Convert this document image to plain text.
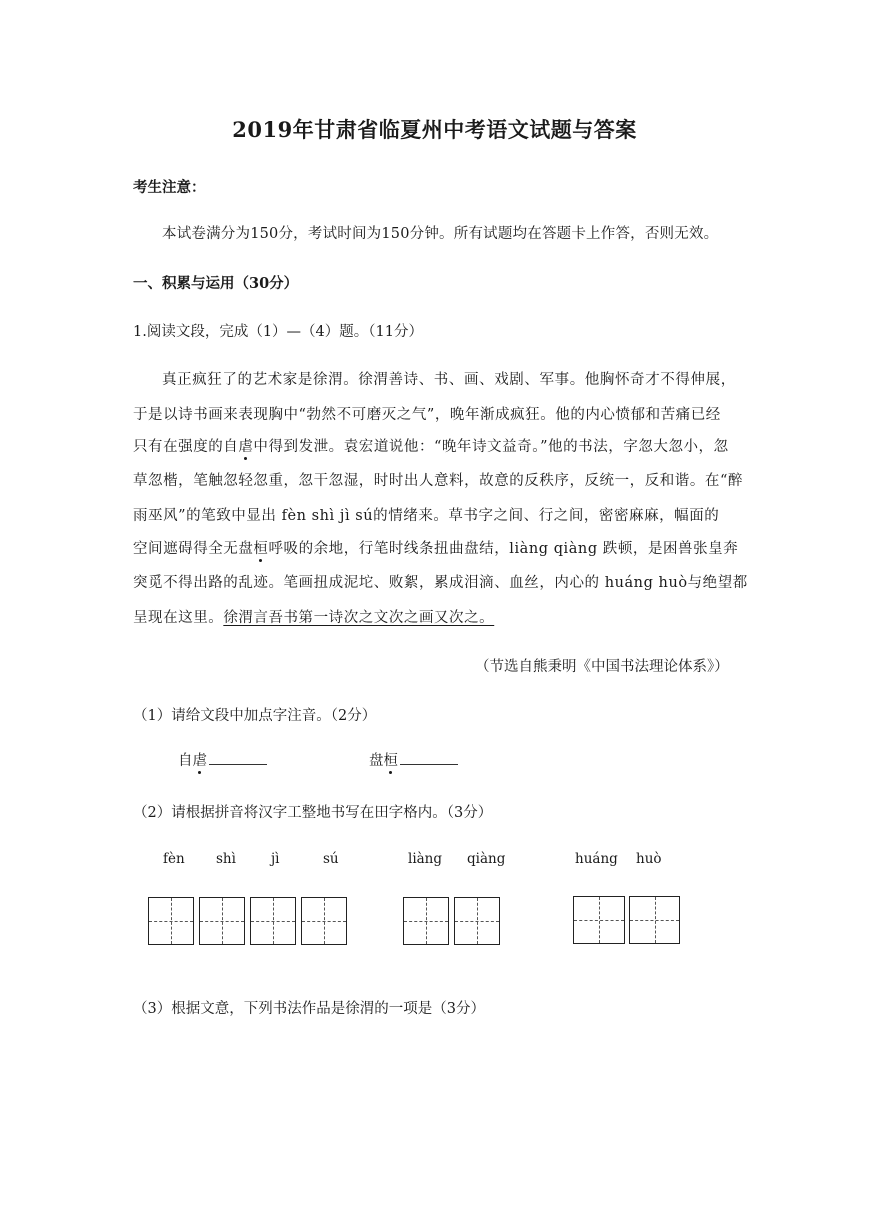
2019年甘肃省临夏州中考语文试题与答案
考生注意：
本试卷满分为150分，考试时间为150分钟。所有试题均在答题卡上作答，否则无效。
一、积累与运用（30分）
1.阅读文段，完成（1）—（4）题。（11分）
真正疯狂了的艺术家是徐渭。徐渭善诗、书、画、戏剧、军事。他胸怀奇才不得伸展，
于是以诗书画来表现胸中“勃然不可磨灭之气”，晚年渐成疯狂。他的内心愤郁和苦痛已经
只有在强度的自虐中得到发泄。袁宏道说他：“晚年诗文益奇。”他的书法，字忽大忽小，忽
草忽楷，笔触忽轻忽重，忽干忽湿，时时出人意料，故意的反秩序，反统一，反和谐。在“醉
雨巫风”的笔致中显出 fèn shì jì sú的情绪来。草书字之间、行之间，密密麻麻，幅面的
空间遮碍得全无盘桓呼吸的余地，行笔时线条扭曲盘结，liàng qiàng 跌顿，是困兽张皇奔
突觅不得出路的乱迹。笔画扭成泥坨、败絮，累成泪滴、血丝，内心的 huáng huò与绝望都
呈现在这里。徐渭言吾书第一诗次之文次之画又次之。
（节选自熊秉明《中国书法理论体系》）
（1）请给文段中加点字注音。（2分）
自虐	盘桓
（2）请根据拼音将汉字工整地书写在田字格内。（3分）
fèn shì	jì	sú	liàng qiàng	huáng huò
（3）根据文意，下列书法作品是徐渭的一项是（3分）
